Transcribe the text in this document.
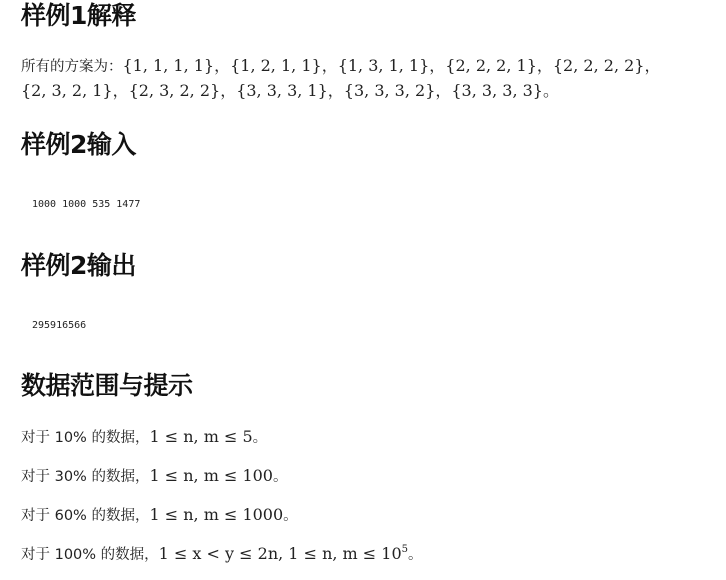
样例1解释
所有的方案为：{1, 1, 1, 1}，{1, 2, 1, 1}，{1, 3, 1, 1}，{2, 2, 2, 1}，{2, 2, 2, 2}，
{2, 3, 2, 1}，{2, 3, 2, 2}，{3, 3, 3, 1}，{3, 3, 3, 2}，{3, 3, 3, 3}。
样例2输入
1000 1000 535 1477
样例2输出
295916566
数据范围与提示
对于 10% 的数据，1 ≤ n, m ≤ 5。
对于 30% 的数据，1 ≤ n, m ≤ 100。
对于 60% 的数据，1 ≤ n, m ≤ 1000。
对于 100% 的数据，1 ≤ x < y ≤ 2n, 1 ≤ n, $m \le 10^5$。
